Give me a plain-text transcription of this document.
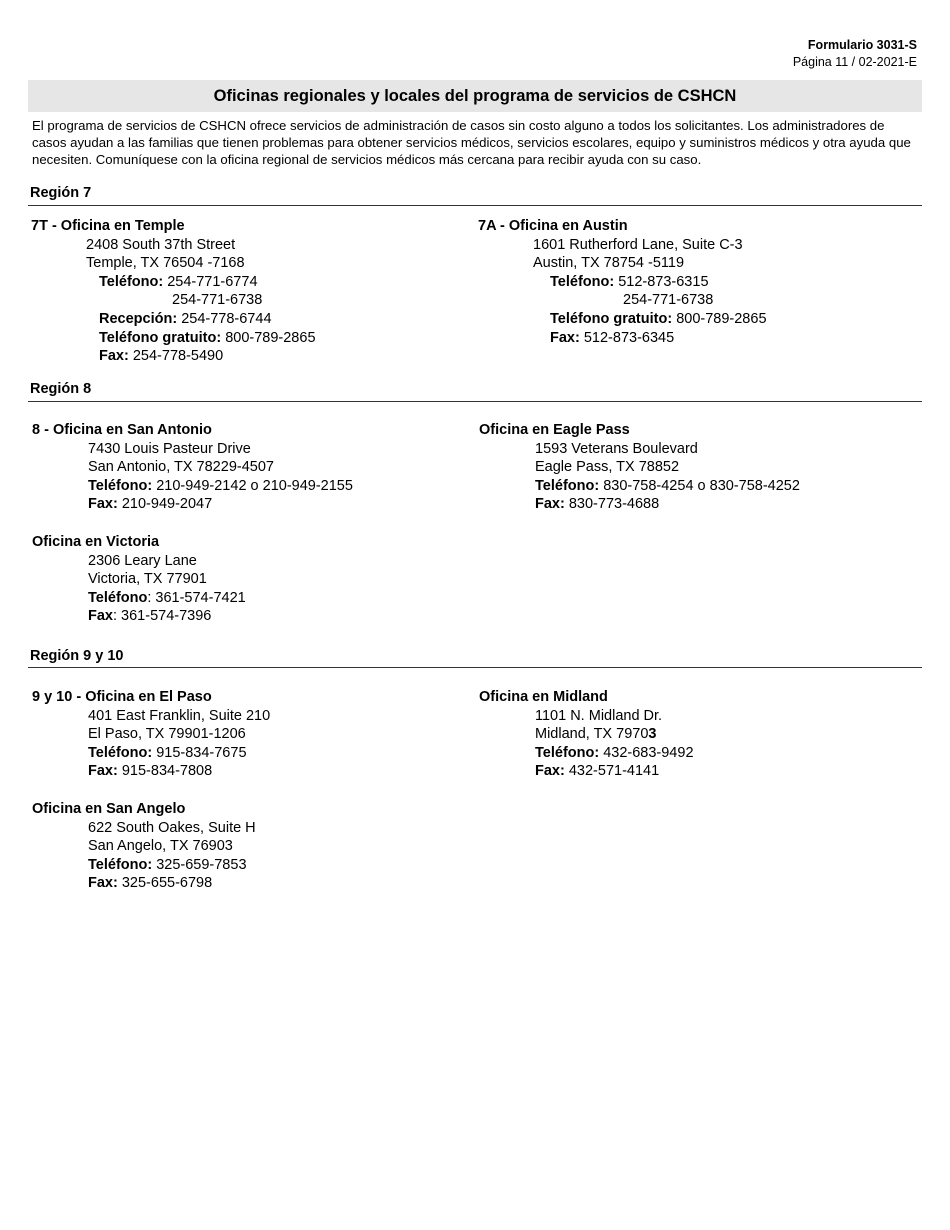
Formulario 3031-S
Página 11 / 02-2021-E
Oficinas regionales y locales del programa de servicios de CSHCN
El programa de servicios de CSHCN ofrece servicios de administración de casos sin costo alguno a todos los solicitantes. Los administradores de casos ayudan a las familias que tienen problemas para obtener servicios médicos, servicios escolares, equipo y suministros médicos y otra ayuda que necesiten. Comuníquese con la oficina regional de servicios médicos más cercana para recibir ayuda con su caso.
Región 7
7T - Oficina en Temple
2408 South 37th Street
Temple, TX 76504 -7168
Teléfono: 254-771-6774
254-771-6738
Recepción: 254-778-6744
Teléfono gratuito: 800-789-2865
Fax: 254-778-5490
7A - Oficina en Austin
1601 Rutherford Lane, Suite C-3
Austin, TX 78754 -5119
Teléfono: 512-873-6315
254-771-6738
Teléfono gratuito: 800-789-2865
Fax: 512-873-6345
Región 8
8 - Oficina en San Antonio
7430 Louis Pasteur Drive
San Antonio, TX 78229-4507
Teléfono: 210-949-2142 o 210-949-2155
Fax: 210-949-2047
Oficina en Eagle Pass
1593 Veterans Boulevard
Eagle Pass, TX 78852
Teléfono: 830-758-4254 o 830-758-4252
Fax: 830-773-4688
Oficina en Victoria
2306 Leary Lane
Victoria, TX 77901
Teléfono: 361-574-7421
Fax: 361-574-7396
Región 9 y 10
9 y 10 - Oficina en El Paso
401 East Franklin, Suite 210
El Paso, TX 79901-1206
Teléfono: 915-834-7675
Fax: 915-834-7808
Oficina en Midland
1101 N. Midland Dr.
Midland, TX 79703
Teléfono: 432-683-9492
Fax: 432-571-4141
Oficina en San Angelo
622 South Oakes, Suite H
San Angelo, TX 76903
Teléfono: 325-659-7853
Fax: 325-655-6798
